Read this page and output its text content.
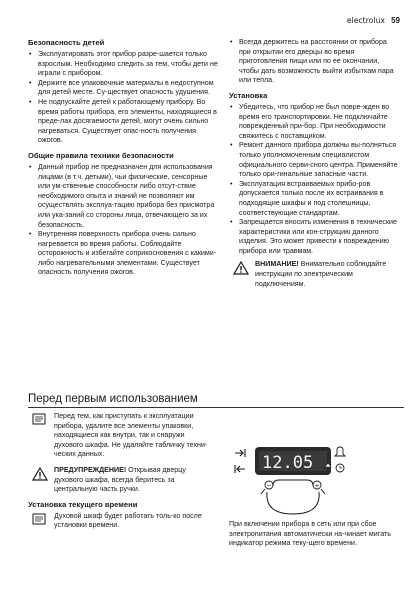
electrolux 59
Безопасность детей
• Эксплуатировать этот прибор разре-шается только взрослым. Необходимо следить за тем, чтобы дети не играли с прибором.
• Держите все упаковочные материалы в недоступном для детей месте. Су-ществует опасность удушения.
• Не подпускайте детей к работающему прибору. Во время работы прибора, его элементы, находящиеся в преде-лах досягаемости детей, могут очень сильно нагреваться. Существует опас-ность получения ожогов.
Общие правила техники безопасности
• Данный прибор не предназначен для использования лицами (в т.ч. детьми), чьи физические, сенсорные или ум-ственные способности либо отсут-ствие необходимого опыта и знаний не позволяют им осуществлять эксплуа-тацию прибора без присмотра или ука-заний со стороны лица, отвечающего за их безопасность.
• Внутренняя поверхность прибора очень сильно нагревается во время работы. Соблюдайте осторожность и избегайте соприкосновения с какими-либо нагревательными элементами. Существует опасность получения ожогов.
• Всегда держитесь на расстоянии от прибора при открытии его дверцы во время приготовления пищи или по ее окончании, чтобы дать возможность выйти избыткам пара или тепла.
Установка
• Убедитесь, что прибор не был повре-жден во время его транспортировки. Не подключайте поврежденный при-бор. При необходимости свяжитесь с поставщиком.
• Ремонт данного прибора должны вы-полняться только уполномоченным специалистом официального серви-сного центра. Применяйте только ори-гинальные запасные части.
• Эксплуатация встраиваемых прибо-ров допускается только после их встраивания в подходящие шкафы и под столешницы, соответствующие стандартам.
• Запрещается вносить изменения в технические характеристики или кон-струкцию данного изделия. Это может привести к повреждению прибора или травмам.
ВНИМАНИЕ! Внимательно соблюдайте инструкции по электрическим подключениям.
Перед первым использованием
Перед тем, как приступать к эксплуатации прибора, удалите все элементы упаковки, находящиеся как внутри, так и снаружи духового шкафа. Не удаляйте табличку техни-ческих данных.
ПРЕДУПРЕЖДЕНИЕ! Открывая дверцу духового шкафа, всегда беритесь за центральную часть ручки.
Установка текущего времени
Духовой шкаф будет работать толь-ко после установки времени.
12.05
−	+
При включении прибора в сеть или при сбое электропитания автоматически на-чинает мигать индикатор режима теку-щего времени.
